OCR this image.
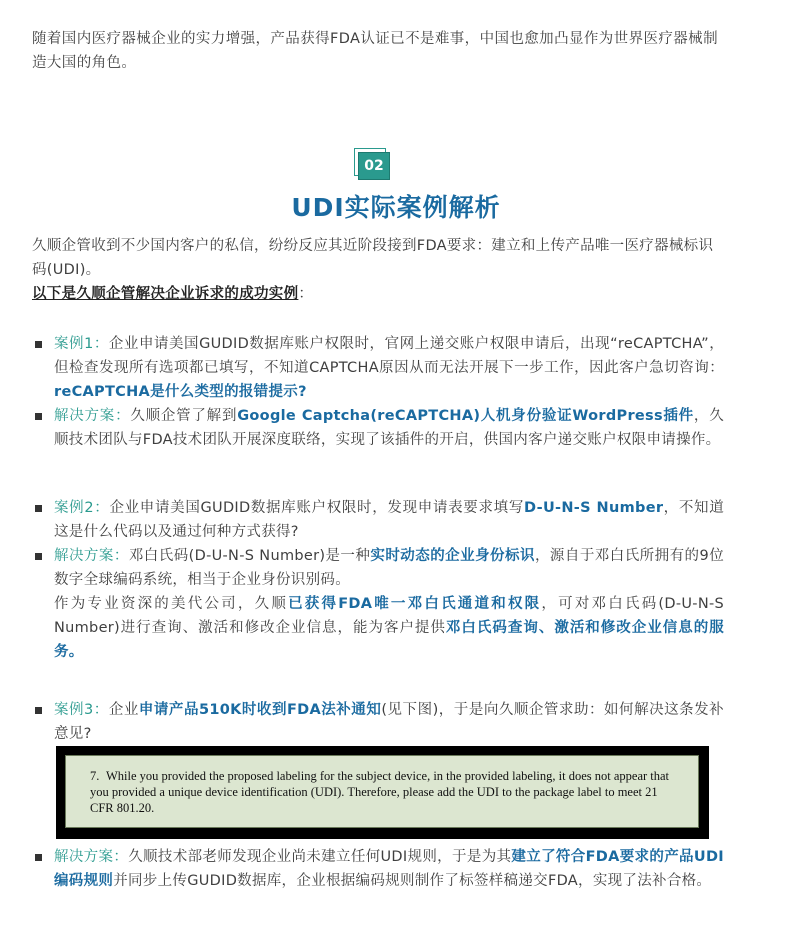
随着国内医疗器械企业的实力增强，产品获得FDA认证已不是难事，中国也愈加凸显作为世界医疗器械制造大国的角色。

02
UDI实际案例解析

久顺企管收到不少国内客户的私信，纷纷反应其近阶段接到FDA要求：建立和上传产品唯一医疗器械标识码(UDI)。
以下是久顺企管解决企业诉求的成功实例：

案例1：企业申请美国GUDID数据库账户权限时，官网上递交账户权限申请后，出现“reCAPTCHA”，但检查发现所有选项都已填写，不知道CAPTCHA原因从而无法开展下一步工作，因此客户急切咨询：reCAPTCHA是什么类型的报错提示?
解决方案：久顺企管了解到Google Captcha(reCAPTCHA)人机身份验证WordPress插件，久顺技术团队与FDA技术团队开展深度联络，实现了该插件的开启，供国内客户递交账户权限申请操作。
案例2：企业申请美国GUDID数据库账户权限时，发现申请表要求填写D-U-N-S Number，不知道这是什么代码以及通过何种方式获得?
解决方案：邓白氏码(D-U-N-S Number)是一种实时动态的企业身份标识，源自于邓白氏所拥有的9位数字全球编码系统，相当于企业身份识别码。
作为专业资深的美代公司，久顺已获得FDA唯一邓白氏通道和权限，可对邓白氏码(D-U-N-S Number)进行查询、激活和修改企业信息，能为客户提供邓白氏码查询、激活和修改企业信息的服务。
案例3：企业申请产品510K时收到FDA法补通知(见下图)，于是向久顺企管求助：如何解决这条发补意见?
7. While you provided the proposed labeling for the subject device, in the provided labeling, it does not appear that you provided a unique device identification (UDI). Therefore, please add the UDI to the package label to meet 21 CFR 801.20.
解决方案：久顺技术部老师发现企业尚未建立任何UDI规则，于是为其建立了符合FDA要求的产品UDI编码规则并同步上传GUDID数据库，企业根据编码规则制作了标签样稿递交FDA，实现了法补合格。
